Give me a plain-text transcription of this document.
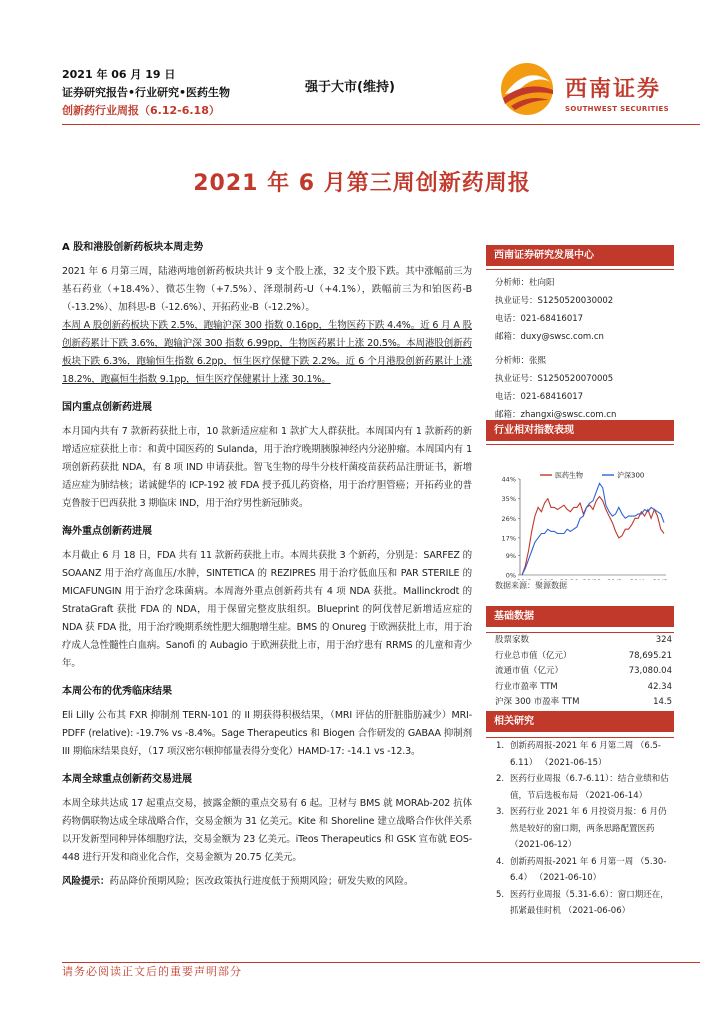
2021 年 06 月 19 日
证券研究报告•行业研究•医药生物
创新药行业周报（6.12-6.18）
强于大市(维持)	西南证券
SOUTHWEST SECURITIES
2021 年 6 月第三周创新药周报
A 股和港股创新药板块本周走势
2021 年 6 月第三周，陆港两地创新药板块共计 9 支个股上涨，32 支个股下跌。其中涨幅前三为基石药业（+18.4%）、微芯生物（+7.5%）、泽璟制药-U（+4.1%），跌幅前三为和铂医药-B（-13.2%）、加科思-B（-12.6%）、开拓药业-B（-12.2%）。
本周 A 股创新药板块下跌 2.5%，跑输沪深 300 指数 0.16pp，生物医药下跌 4.4%。近 6 月 A 股创新药累计下跌 3.6%，跑输沪深 300 指数 6.99pp，生物医药累计上涨 20.5%。本周港股创新药板块下跌 6.3%，跑输恒生指数 6.2pp，恒生医疗保健下跌 2.2%。近 6 个月港股创新药累计上涨 18.2%，跑赢恒生指数 9.1pp，恒生医疗保健累计上涨 30.1%。
国内重点创新药进展
本月国内共有 7 款新药获批上市，10 款新适应症和 1 款扩大人群获批。本周国内有 1 款新药的新增适应症获批上市：和黄中国医药的 Sulanda，用于治疗晚期胰腺神经内分泌肿瘤。本周国内有 1 项创新药获批 NDA，有 8 项 IND 申请获批。智飞生物的母牛分枝杆菌疫苗获药品注册证书，新增适应症为肺结核；诺诚健华的 ICP-192 被 FDA 授予孤儿药资格，用于治疗胆管癌；开拓药业的普克鲁胺于巴西获批 3 期临床 IND，用于治疗男性新冠肺炎。
海外重点创新药进展
本月截止 6 月 18 日，FDA 共有 11 款新药获批上市。本周共获批 3 个新药，分别是：SARFEZ 的 SOAANZ 用于治疗高血压/水肿，SINTETICA 的 REZIPRES 用于治疗低血压和 PAR STERILE 的 MICAFUNGIN 用于治疗念珠菌病。本周海外重点创新药共有 4 项 NDA 获批。Mallinckrodt 的 StrataGraft 获批 FDA 的 NDA，用于保留完整皮肤组织。Blueprint 的阿伐替尼新增适应症的 NDA 获 FDA 批，用于治疗晚期系统性肥大细胞增生症。BMS 的 Onureg 于欧洲获批上市，用于治疗成人急性髓性白血病。Sanofi 的 Aubagio 于欧洲获批上市，用于治疗患有 RRMS 的儿童和青少年。
本周公布的优秀临床结果
Eli Lilly 公布其 FXR 抑制剂 TERN-101 的 II 期获得积极结果，（MRI 评估的肝脏脂肪减少）MRI-PDFF (relative): -19.7% vs -8.4%。Sage Therapeutics 和 Biogen 合作研发的 GABAA 抑制剂 III 期临床结果良好，（17 项汉密尔顿抑郁量表得分变化）HAMD-17: -14.1 vs -12.3。
本周全球重点创新药交易进展
本周全球共达成 17 起重点交易，披露金额的重点交易有 6 起。卫材与 BMS 就 MORAb-202 抗体药物偶联物达成全球战略合作，交易金额为 31 亿美元。Kite 和 Shoreline 建立战略合作伙伴关系以开发新型同种异体细胞疗法，交易金额为 23 亿美元。iTeos Therapeutics 和 GSK 宣布就 EOS-448 进行开发和商业化合作，交易金额为 20.75 亿美元。
风险提示：药品降价预期风险；医改政策执行进度低于预期风险；研发失败的风险。
西南证券研究发展中心
分析师：杜向阳
执业证号：S1250520030002
电话：021-68416017
邮箱：duxy@swsc.com.cn
分析师：张熙
执业证号：S1250520070005
电话：021-68416017
邮箱：zhangxi@swsc.com.cn
行业相对指数表现
0%
9%
17%
26%
35%
44%	医药生物	沪深300
数据来源：聚源数据
基础数据
股票家数	324
行业总市值（亿元）	78,695.21
流通市值（亿元）	73,080.04
行业市盈率 TTM	42.34
沪深 300 市盈率 TTM	14.5
相关研究
1. 创新药周报-2021 年 6 月第二周 （6.5-6.11） （2021-06-15）
2. 医药行业周报（6.7-6.11）：结合业绩和估值，节后选板布局 （2021-06-14）
3. 医药行业 2021 年 6 月投资月报：6 月仍然是较好的窗口期，两条思路配置医药 （2021-06-12）
4. 创新药周报-2021 年 6 月第一周 （5.30-6.4） （2021-06-10）
5. 医药行业周报（5.31-6.6）：窗口期还在，抓紧最佳时机 （2021-06-06）
请务必阅读正文后的重要声明部分
